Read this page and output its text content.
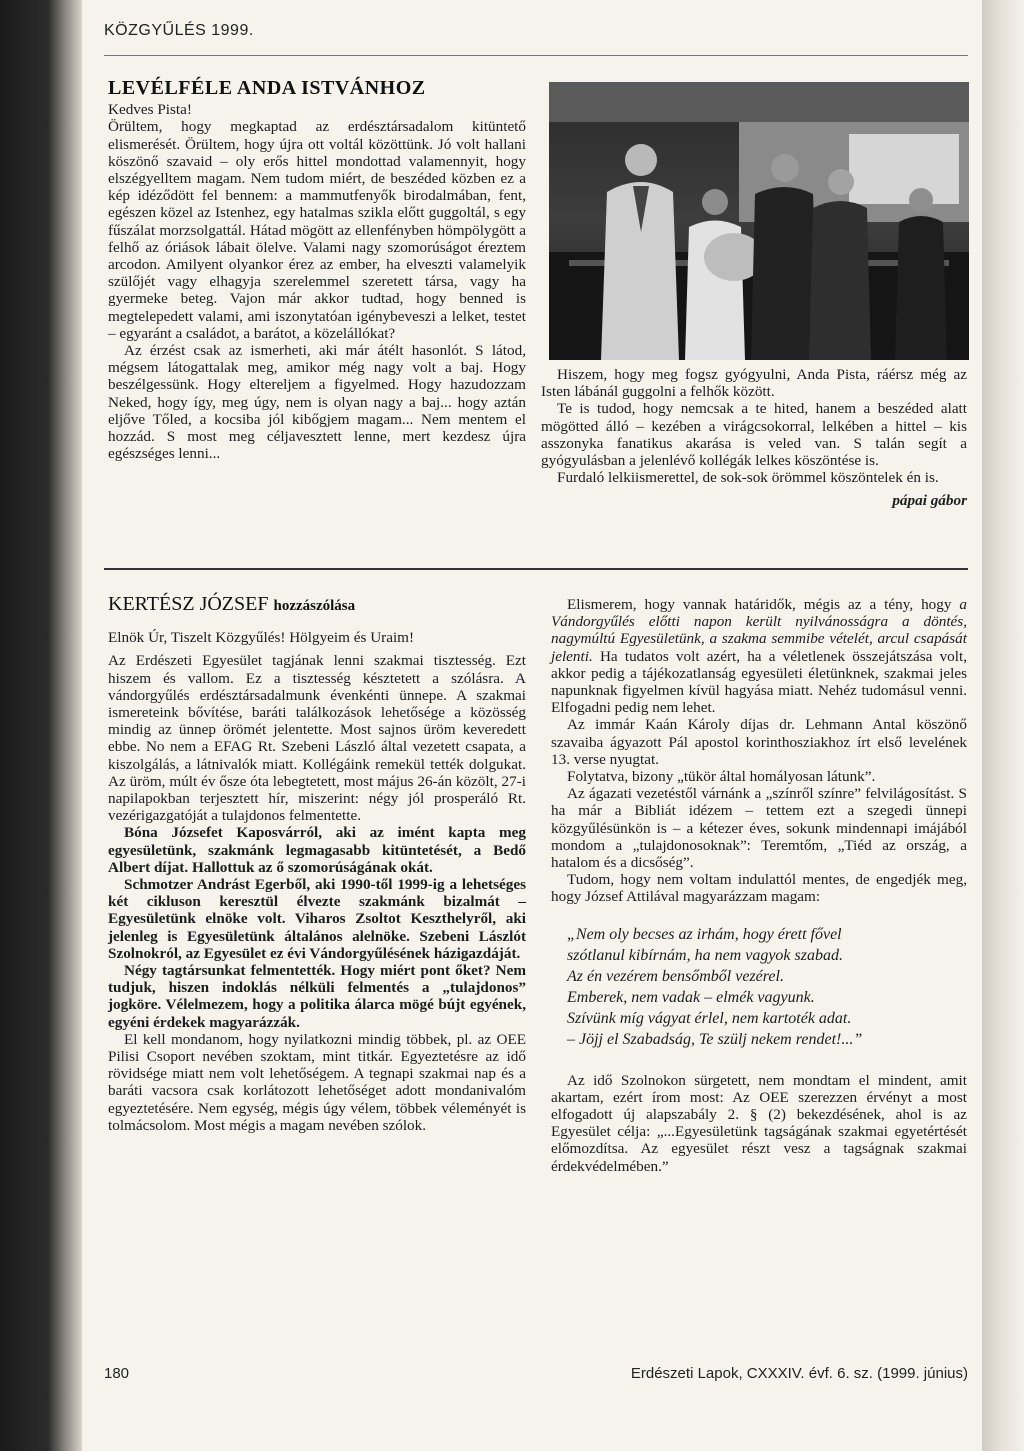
KÖZGYŰLÉS 1999.
LEVÉLFÉLE ANDA ISTVÁNHOZ

Kedves Pista!

Örültem, hogy megkaptad az erdésztársadalom kitüntető elismerését. Örültem, hogy újra ott voltál közöttünk. Jó volt hallani köszönő szavaid – oly erős hittel mondottad valamennyit, hogy elszégyelltem magam. Nem tudom miért, de beszéded közben ez a kép idéződött fel bennem: a mammutfenyők birodalmában, fent, egészen közel az Istenhez, egy hatalmas szikla előtt guggoltál, s egy fűszálat morzsolgattál. Hátad mögött az ellenfényben hömpölygött a felhő az óriások lábait ölelve. Valami nagy szomorúságot éreztem arcodon. Amilyent olyankor érez az ember, ha elveszti valamelyik szülőjét vagy elhagyja szerelemmel szeretett társa, vagy ha gyermeke beteg. Vajon már akkor tudtad, hogy benned is megtelepedett valami, ami iszonytatóan igénybeveszi a lelket, testet – egyaránt a családot, a barátot, a közelállókat?

Az érzést csak az ismerheti, aki már átélt hasonlót. S látod, mégsem látogattalak meg, amikor még nagy volt a baj. Hogy beszélgessünk. Hogy elterelјem a figyelmed. Hogy hazudozzam Neked, hogy így, meg úgy, nem is olyan nagy a baj... hogy aztán eljőve Tőled, a kocsiba jól kibőgjem magam... Nem mentem el hozzád. S most meg céljavesztett lenne, mert kezdesz újra egészséges lenni...

Hiszem, hogy meg fogsz gyógyulni, Anda Pista, ráérsz még az Isten lábánál guggolni a felhők között.

Te is tudod, hogy nemcsak a te hited, hanem a beszéded alatt mögötted álló – kezében a virágcsokorral, lelkében a hittel – kis asszonyka fanatikus akarása is veled van. S talán segít a gyógyulásban a jelenlévő kollégák lelkes köszöntése is.

Furdaló lelkiismerettel, de sok-sok örömmel köszöntelek én is.

pápai gábor
KERTÉSZ JÓZSEF hozzászólása

Elnök Úr, Tiszelt Közgyűlés! Hölgyeim és Uraim!

Az Erdészeti Egyesület tagjának lenni szakmai tisztesség. Ezt hiszem és vallom. Ez a tisztesség késztetett a szólásra. A vándorgyűlés erdésztársadalmunk évenkénti ünnepe. A szakmai ismereteink bővítése, baráti találkozások lehetősége a közösség mindig az ünnep örömét jelentette. Most sajnos üröm keveredett ebbe. No nem a EFAG Rt. Szebeni László által vezetett csapata, a kiszolgálás, a látnivalók miatt. Kollégáink remekül tették dolgukat. Az üröm, múlt év ősze óta lebegtetett, most május 26-án közölt, 27-i napilapokban terjesztett hír, miszerint: négy jól prosperáló Rt. vezérigazgatóját a tulajdonos felmentette.

Bóna Józsefet Kaposvárról, aki az imént kapta meg egyesületünk, szakmánk legmagasabb kitüntetését, a Bedő Albert díjat. Hallottuk az ő szomorúságának okát.

Schmotzer Andrást Egerből, aki 1990-től 1999-ig a lehetséges két cikluson keresztül élvezte szakmánk bizalmát – Egyesületünk elnöke volt. Viharos Zsoltot Keszthelyről, aki jelenleg is Egyesületünk általános alelnöke. Szebeni Lászlót Szolnokról, az Egyesület ez évi Vándorgyűlésének házigazdáját.

Négy tagtársunkat felmentették. Hogy miért pont őket? Nem tudjuk, hiszen indoklás nélküli felmentés a „tulajdonos” jogköre. Vélelmezem, hogy a politika álarca mögé bújt egyének, egyéni érdekek magyarázzák.

El kell mondanom, hogy nyilatkozni mindig többek, pl. az OEE Pilisi Csoport nevében szoktam, mint titkár. Egyeztetésre az idő rövidsége miatt nem volt lehetőségem. A tegnapi szakmai nap és a baráti vacsora csak korlátozott lehetőséget adott mondanivalóm egyeztetésére. Nem egység, mégis úgy vélem, többek véleményét is tolmácsolom. Most mégis a magam nevében szólok.

Elismerem, hogy vannak határidők, mégis az a tény, hogy a Vándorgyűlés előtti napon került nyilvánosságra a döntés, nagymúltú Egyesületünk, a szakma semmibe vételét, arcul csapását jelenti. Ha tudatos volt azért, ha a véletlenek összejátszása volt, akkor pedig a tájékozatlanság egyesületi életünknek, szakmai jeles napunknak figyelmen kívül hagyása miatt. Nehéz tudomásul venni. Elfogadni pedig nem lehet.

Az immár Kaán Károly díjas dr. Lehmann Antal köszönő szavaiba ágyazott Pál apostol korinthosziakhoz írt első levelének 13. verse nyugtat.

Folytatva, bizony „tükör által homályosan látunk”.

Az ágazati vezetéstől várnánk a „színről színre” felvilágosítást. S ha már a Bibliát idézem – tettem ezt a szegedi ünnepi közgyűlésünkön is – a kétezer éves, sokunk mindennapi imájából mondom a „tulajdonosoknak”: Teremtőm, „Tiéd az ország, a hatalom és a dicsőség”.

Tudom, hogy nem voltam indulattól mentes, de engedjék meg, hogy József Attilával magyarázzam magam:

„Nem oly becses az irhám, hogy érett fővel
szótlanul kibírnám, ha nem vagyok szabad.
Az én vezérem bensőmből vezérel.
Emberek, nem vadak – elmék vagyunk.
Szívünk míg vágyat érlel, nem kartoték adat.
– Jöjj el Szabadság, Te szülj nekem rendet!...”

Az idő Szolnokon sürgetett, nem mondtam el mindent, amit akartam, ezért írom most: Az OEE szerezzen érvényt a most elfogadott új alapszabály 2. § (2) bekezdésének, ahol is az Egyesület célja: „...Egyesületünk tagságának szakmai egyetértését előmozdítsa. Az egyesület részt vesz a tagságnak szakmai érdekvédelmében.”

180	Erdészeti Lapok, CXXXIV. évf. 6. sz. (1999. június)
